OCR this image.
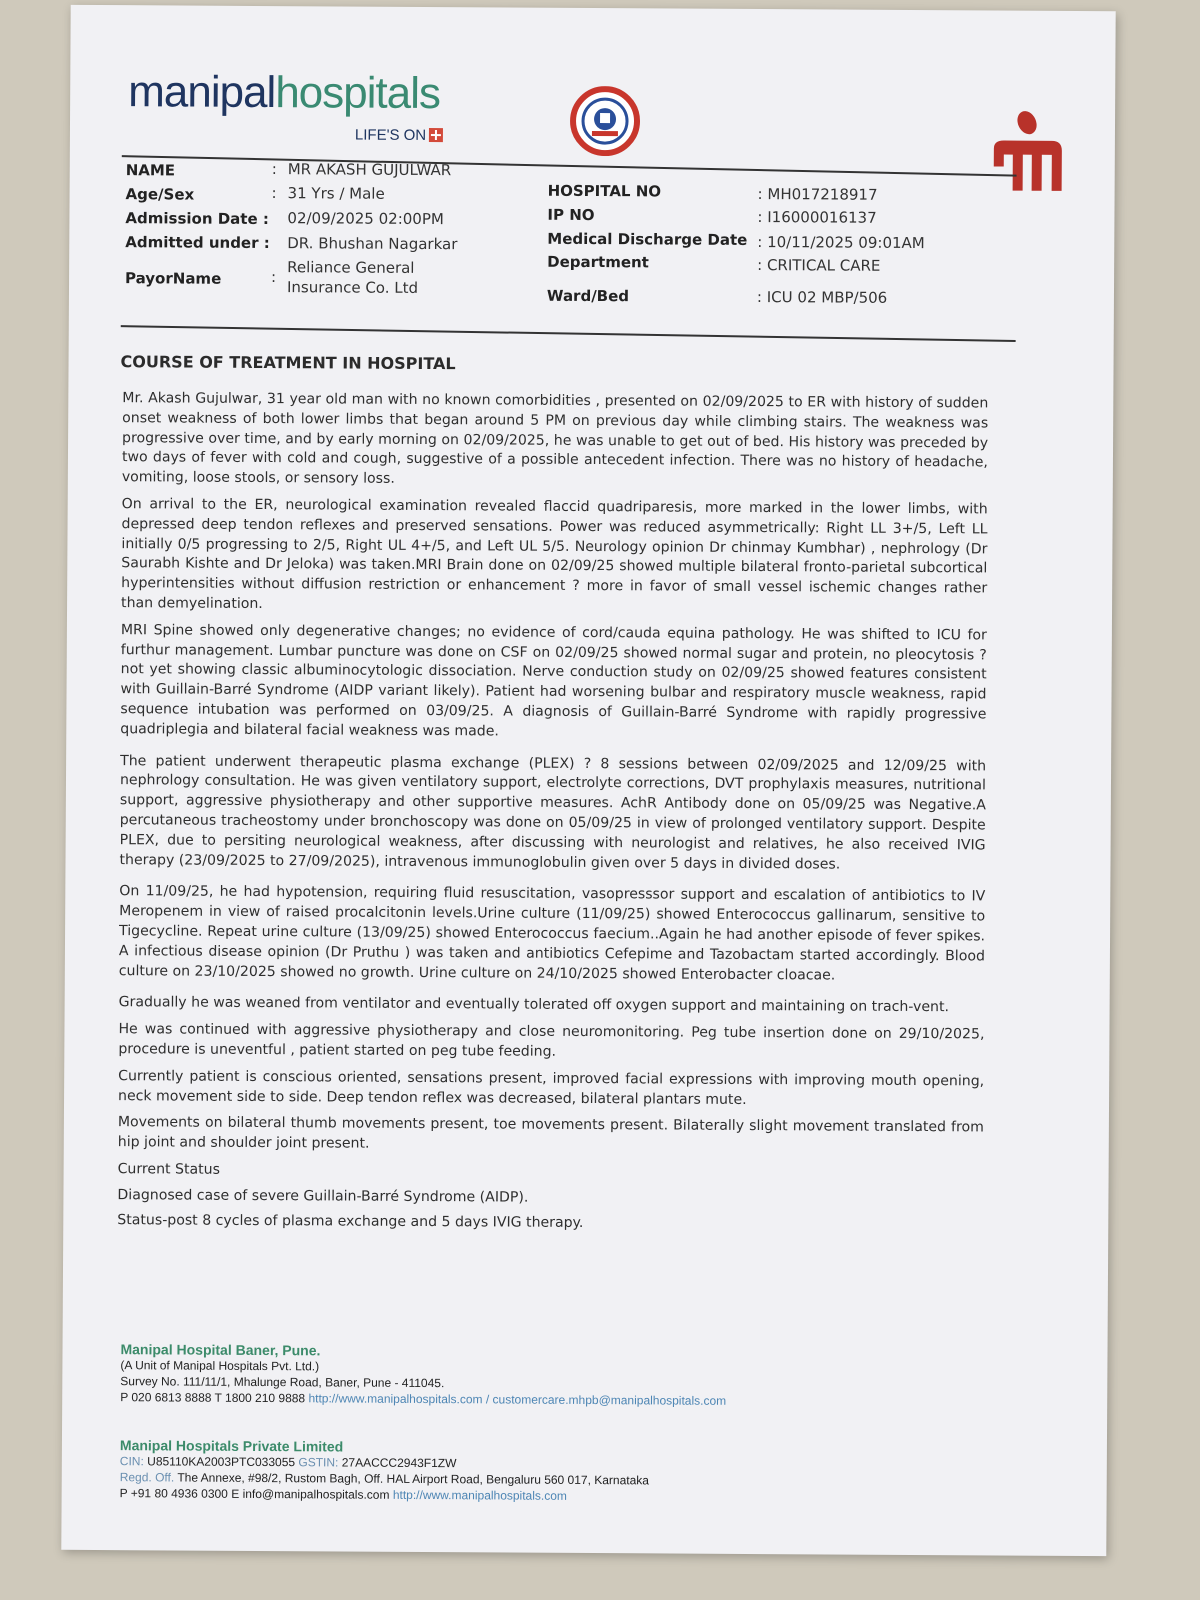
manipalhospitals
LIFE'S ON
NAME	: MR AKASH GUJULWAR
Age/Sex	: 31 Yrs / Male
Admission Date : 02/09/2025 02:00PM
Admitted under : DR. Bhushan Nagarkar
PayorName	:
Reliance General
Insurance Co. Ltd
HOSPITAL NO	: MH017218917
IP NO	: I16000016137
Medical Discharge Date : 10/11/2025 09:01AM
Department	: CRITICAL CARE
Ward/Bed	: ICU 02 MBP/506
COURSE OF TREATMENT IN HOSPITAL

Mr. Akash Gujulwar, 31 year old man with no known comorbidities , presented on 02/09/2025 to ER with history of sudden onset weakness of both lower limbs that began around 5 PM on previous day while climbing stairs. The weakness was progressive over time, and by early morning on 02/09/2025, he was unable to get out of bed. His history was preceded by two days of fever with cold and cough, suggestive of a possible antecedent infection. There was no history of headache, vomiting, loose stools, or sensory loss.

On arrival to the ER, neurological examination revealed flaccid quadriparesis, more marked in the lower limbs, with depressed deep tendon reflexes and preserved sensations. Power was reduced asymmetrically: Right LL 3+/5, Left LL initially 0/5 progressing to 2/5, Right UL 4+/5, and Left UL 5/5. Neurology opinion Dr chinmay Kumbhar) , nephrology (Dr Saurabh Kishte and Dr Jeloka) was taken.MRI Brain done on 02/09/25 showed multiple bilateral fronto-parietal subcortical hyperintensities without diffusion restriction or enhancement ? more in favor of small vessel ischemic changes rather than demyelination.

MRI Spine showed only degenerative changes; no evidence of cord/cauda equina pathology. He was shifted to ICU for furthur management. Lumbar puncture was done on CSF on 02/09/25 showed normal sugar and protein, no pleocytosis ? not yet showing classic albuminocytologic dissociation. Nerve conduction study on 02/09/25 showed features consistent with Guillain-Barré Syndrome (AIDP variant likely). Patient had worsening bulbar and respiratory muscle weakness, rapid sequence intubation was performed on 03/09/25. A diagnosis of Guillain-Barré Syndrome with rapidly progressive quadriplegia and bilateral facial weakness was made.

The patient underwent therapeutic plasma exchange (PLEX) ? 8 sessions between 02/09/2025 and 12/09/25 with nephrology consultation. He was given ventilatory support, electrolyte corrections, DVT prophylaxis measures, nutritional support, aggressive physiotherapy and other supportive measures. AchR Antibody done on 05/09/25 was Negative.A percutaneous tracheostomy under bronchoscopy was done on 05/09/25 in view of prolonged ventilatory support. Despite PLEX, due to persiting neurological weakness, after discussing with neurologist and relatives, he also received IVIG therapy (23/09/2025 to 27/09/2025), intravenous immunoglobulin given over 5 days in divided doses.

On 11/09/25, he had hypotension, requiring fluid resuscitation, vasopresssor support and escalation of antibiotics to IV Meropenem in view of raised procalcitonin levels.Urine culture (11/09/25) showed Enterococcus gallinarum, sensitive to Tigecycline. Repeat urine culture (13/09/25) showed Enterococcus faecium..Again he had another episode of fever spikes. A infectious disease opinion (Dr Pruthu ) was taken and antibiotics Cefepime and Tazobactam started accordingly. Blood culture on 23/10/2025 showed no growth. Urine culture on 24/10/2025 showed Enterobacter cloacae.

Gradually he was weaned from ventilator and eventually tolerated off oxygen support and maintaining on trach-vent.

He was continued with aggressive physiotherapy and close neuromonitoring. Peg tube insertion done on 29/10/2025, procedure is uneventful , patient started on peg tube feeding.

Currently patient is conscious oriented, sensations present, improved facial expressions with improving mouth opening, neck movement side to side. Deep tendon reflex was decreased, bilateral plantars mute.

Movements on bilateral thumb movements present, toe movements present. Bilaterally slight movement translated from hip joint and shoulder joint present.

Current Status

Diagnosed case of severe Guillain-Barré Syndrome (AIDP).

Status-post 8 cycles of plasma exchange and 5 days IVIG therapy.

Manipal Hospital Baner, Pune.
(A Unit of Manipal Hospitals Pvt. Ltd.)
Survey No. 111/11/1, Mhalunge Road, Baner, Pune - 411045.
P 020 6813 8888 T 1800 210 9888 http://www.manipalhospitals.com / customercare.mhpb@manipalhospitals.com
Manipal Hospitals Private Limited
CIN: U85110KA2003PTC033055 GSTIN: 27AACCC2943F1ZW
Regd. Off. The Annexe, #98/2, Rustom Bagh, Off. HAL Airport Road, Bengaluru 560 017, Karnataka
P +91 80 4936 0300 E info@manipalhospitals.com http://www.manipalhospitals.com
